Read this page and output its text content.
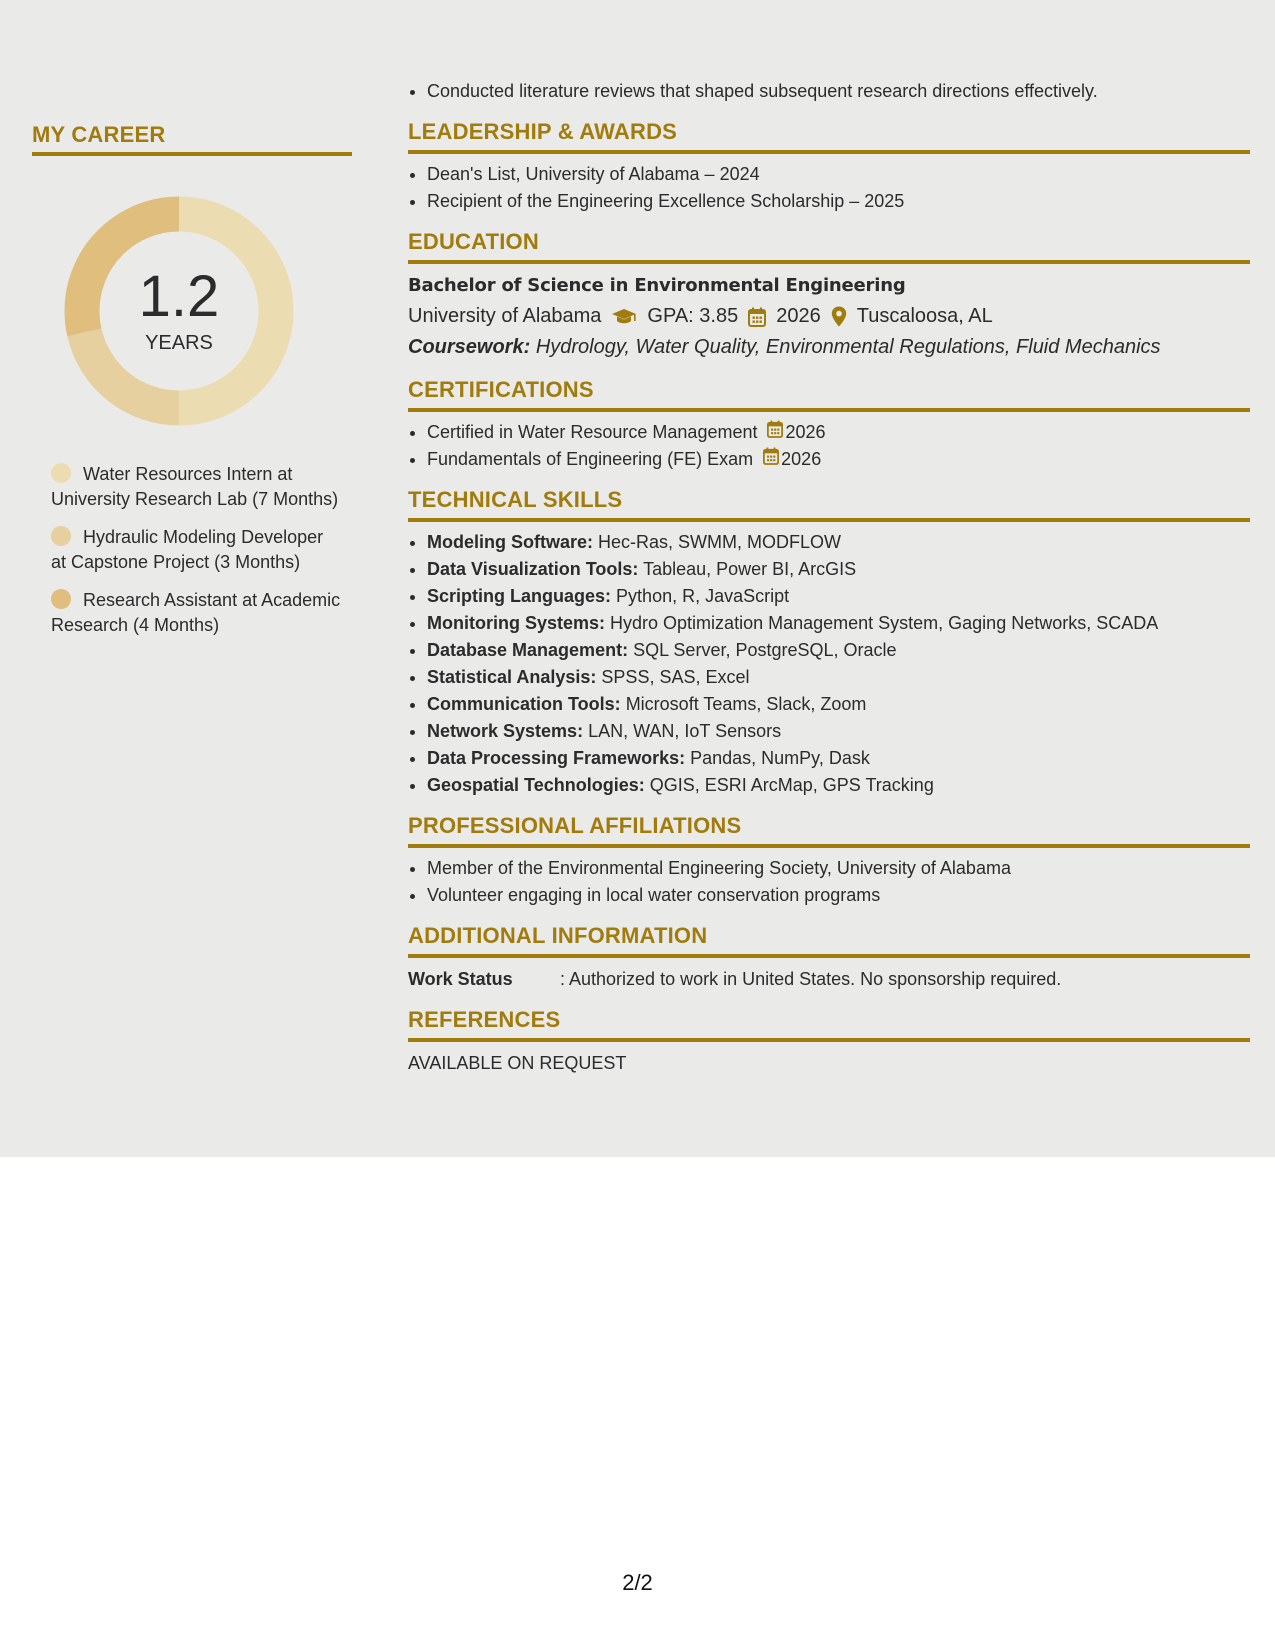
MY CAREER
1.2
YEARS
Water Resources Intern at University Research Lab (7 Months)
Hydraulic Modeling Developer at Capstone Project (3 Months)
Research Assistant at Academic Research (4 Months)
• Conducted literature reviews that shaped subsequent research directions effectively.
LEADERSHIP & AWARDS
• Dean's List, University of Alabama – 2024
• Recipient of the Engineering Excellence Scholarship – 2025
EDUCATION
Bachelor of Science in Environmental Engineering
University of Alabama GPA: 3.85 2026 Tuscaloosa, AL
Coursework: Hydrology, Water Quality, Environmental Regulations, Fluid Mechanics
CERTIFICATIONS
• Certified in Water Resource Management 2026
• Fundamentals of Engineering (FE) Exam 2026
TECHNICAL SKILLS
• Modeling Software: Hec-Ras, SWMM, MODFLOW
• Data Visualization Tools: Tableau, Power BI, ArcGIS
• Scripting Languages: Python, R, JavaScript
• Monitoring Systems: Hydro Optimization Management System, Gaging Networks, SCADA
• Database Management: SQL Server, PostgreSQL, Oracle
• Statistical Analysis: SPSS, SAS, Excel
• Communication Tools: Microsoft Teams, Slack, Zoom
• Network Systems: LAN, WAN, IoT Sensors
• Data Processing Frameworks: Pandas, NumPy, Dask
• Geospatial Technologies: QGIS, ESRI ArcMap, GPS Tracking
PROFESSIONAL AFFILIATIONS
• Member of the Environmental Engineering Society, University of Alabama
• Volunteer engaging in local water conservation programs
ADDITIONAL INFORMATION
Work Status	: Authorized to work in United States. No sponsorship required.
REFERENCES
AVAILABLE ON REQUEST
2/2
